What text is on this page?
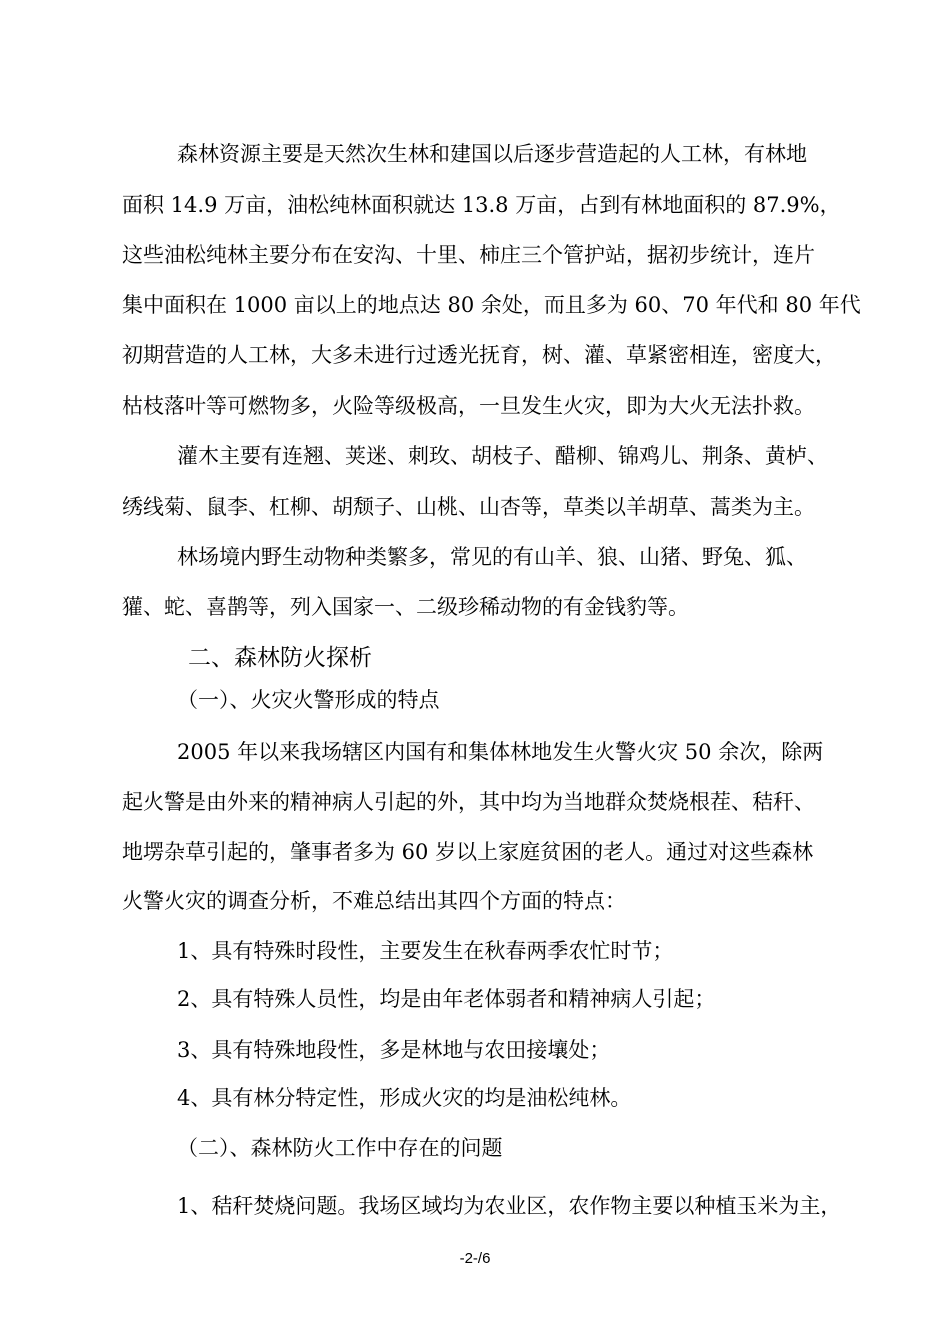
森林资源主要是天然次生林和建国以后逐步营造起的人工林，有林地
面积 14.9 万亩，油松纯林面积就达 13.8 万亩，占到有林地面积的 87.9%，
这些油松纯林主要分布在安沟、十里、柿庄三个管护站，据初步统计，连片
集中面积在 1000 亩以上的地点达 80 余处，而且多为 60、70 年代和 80 年代
初期营造的人工林，大多未进行过透光抚育，树、灌、草紧密相连，密度大，
枯枝落叶等可燃物多，火险等级极高，一旦发生火灾，即为大火无法扑救。
灌木主要有连翘、荚迷、刺玫、胡枝子、醋柳、锦鸡儿、荆条、黄栌、
绣线菊、鼠李、杠柳、胡颓子、山桃、山杏等，草类以羊胡草、蒿类为主。
林场境内野生动物种类繁多，常见的有山羊、狼、山猪、野兔、狐、
獾、蛇、喜鹊等，列入国家一、二级珍稀动物的有金钱豹等。
二、森林防火探析
（一）、火灾火警形成的特点
2005 年以来我场辖区内国有和集体林地发生火警火灾 50 余次，除两
起火警是由外来的精神病人引起的外，其中均为当地群众焚烧根茬、秸秆、
地塄杂草引起的，肇事者多为 60 岁以上家庭贫困的老人。通过对这些森林
火警火灾的调查分析，不难总结出其四个方面的特点：
1、具有特殊时段性，主要发生在秋春两季农忙时节；
2、具有特殊人员性，均是由年老体弱者和精神病人引起；
3、具有特殊地段性，多是林地与农田接壤处；
4、具有林分特定性，形成火灾的均是油松纯林。
（二）、森林防火工作中存在的问题
1、秸秆焚烧问题。我场区域均为农业区，农作物主要以种植玉米为主，
-2-/6
